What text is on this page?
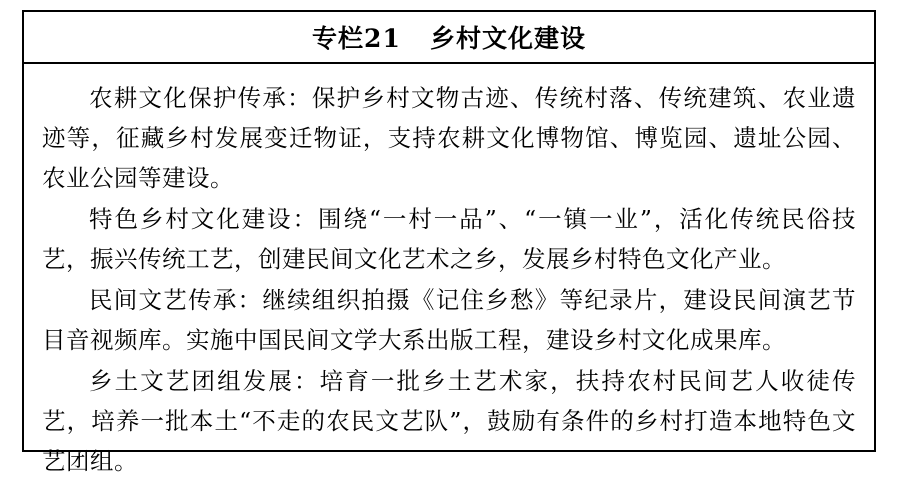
专栏21   乡村文化建设

农耕文化保护传承：保护乡村文物古迹、传统村落、传统建筑、农业遗迹等，征藏乡村发展变迁物证，支持农耕文化博物馆、博览园、遗址公园、农业公园等建设。

特色乡村文化建设：围绕“一村一品”、“一镇一业”，活化传统民俗技艺，振兴传统工艺，创建民间文化艺术之乡，发展乡村特色文化产业。

民间文艺传承：继续组织拍摄《记住乡愁》等纪录片，建设民间演艺节目音视频库。实施中国民间文学大系出版工程，建设乡村文化成果库。

乡土文艺团组发展：培育一批乡土艺术家，扶持农村民间艺人收徒传艺，培养一批本土“不走的农民文艺队”，鼓励有条件的乡村打造本地特色文艺团组。
